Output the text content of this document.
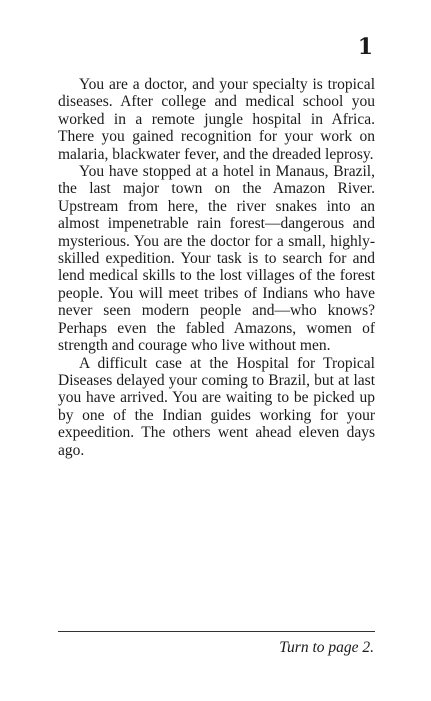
1

You are a doctor, and your specialty is tropical diseases. After college and medical school you worked in a remote jungle hospital in Africa. There you gained recognition for your work on malaria, blackwater fever, and the dreaded leprosy.

You have stopped at a hotel in Manaus, Brazil, the last major town on the Amazon River. Upstream from here, the river snakes into an almost impenetrable rain forest—dangerous and mysterious. You are the doctor for a small, highly-skilled expedition. Your task is to search for and lend medical skills to the lost villages of the forest people. You will meet tribes of Indians who have never seen modern people and—who knows? Perhaps even the fabled Amazons, women of strength and courage who live without men.

A difficult case at the Hospital for Tropical Diseases delayed your coming to Brazil, but at last you have arrived. You are waiting to be picked up by one of the Indian guides working for your expeedition. The others went ahead eleven days ago.

Turn to page 2.
